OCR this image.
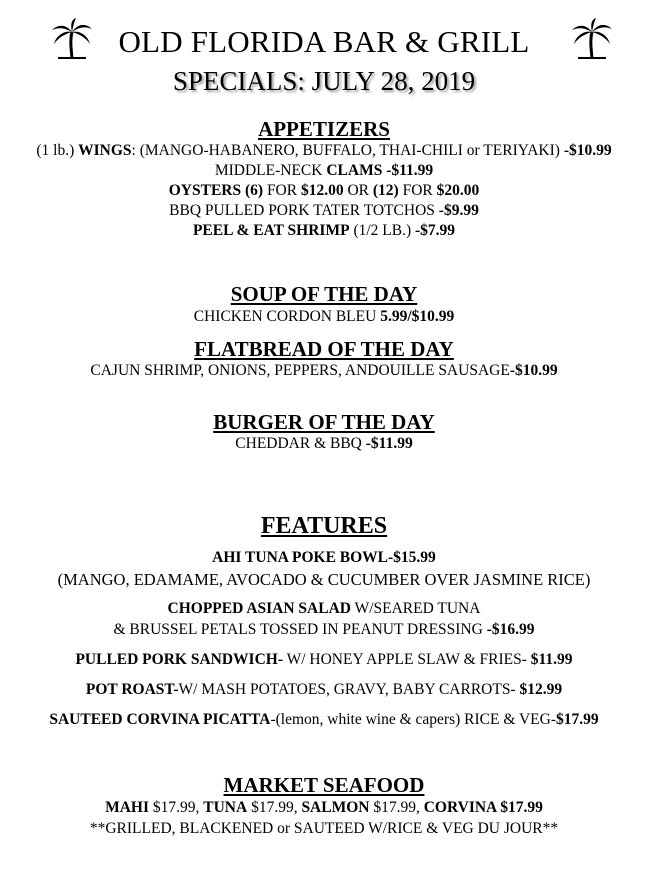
OLD FLORIDA BAR & GRILL
SPECIALS: JULY 28, 2019
APPETIZERS
(1 lb.) WINGS: (MANGO-HABANERO, BUFFALO, THAI-CHILI or TERIYAKI) -$10.99
MIDDLE-NECK CLAMS -$11.99
OYSTERS (6) FOR $12.00 OR (12) FOR $20.00
BBQ PULLED PORK TATER TOTCHOS -$9.99
PEEL & EAT SHRIMP (1/2 LB.) -$7.99
SOUP OF THE DAY
CHICKEN CORDON BLEU 5.99/$10.99
FLATBREAD OF THE DAY
CAJUN SHRIMP, ONIONS, PEPPERS, ANDOUILLE SAUSAGE-$10.99
BURGER OF THE DAY
CHEDDAR & BBQ -$11.99
FEATURES
AHI TUNA POKE BOWL-$15.99
(MANGO, EDAMAME, AVOCADO & CUCUMBER OVER JASMINE RICE)
CHOPPED ASIAN SALAD W/SEARED TUNA
& BRUSSEL PETALS TOSSED IN PEANUT DRESSING -$16.99
PULLED PORK SANDWICH- W/ HONEY APPLE SLAW & FRIES- $11.99
POT ROAST-W/ MASH POTATOES, GRAVY, BABY CARROTS- $12.99
SAUTEED CORVINA PICATTA-(lemon, white wine & capers) RICE & VEG-$17.99
MARKET SEAFOOD
MAHI $17.99, TUNA $17.99, SALMON $17.99, CORVINA $17.99
**GRILLED, BLACKENED or SAUTEED W/RICE & VEG DU JOUR**
